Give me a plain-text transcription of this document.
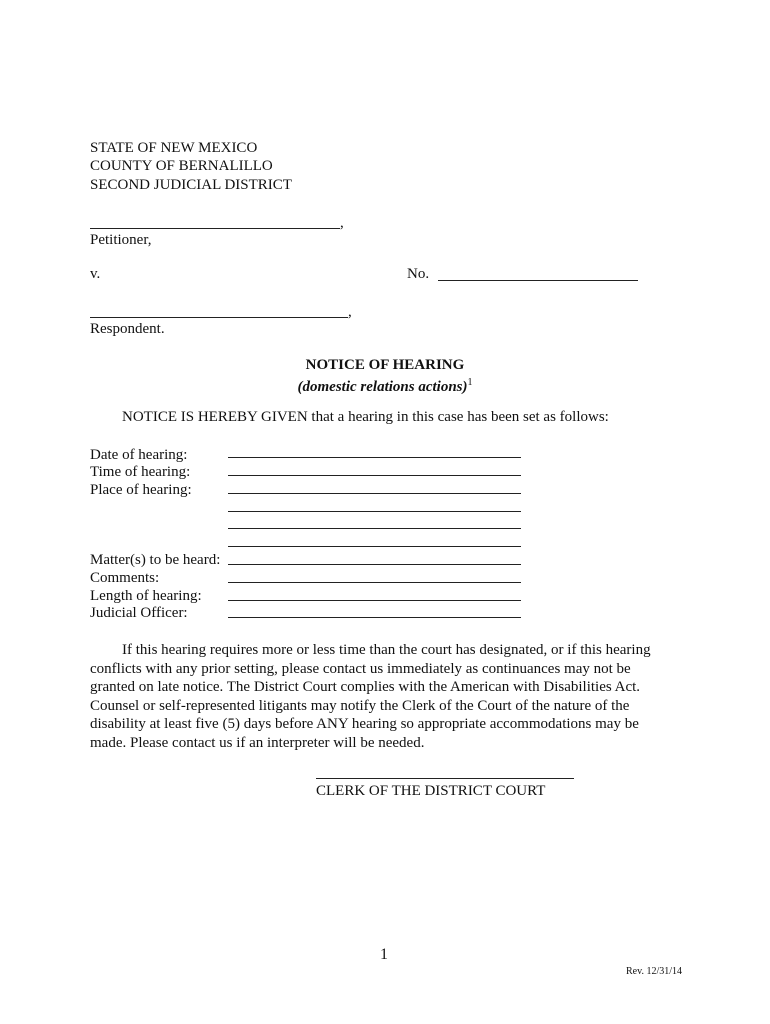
STATE OF NEW MEXICO
COUNTY OF BERNALILLO
SECOND JUDICIAL DISTRICT
,
Petitioner,
v.	No.
,
Respondent.
NOTICE OF HEARING
(domestic relations actions)$^1$
NOTICE IS HEREBY GIVEN that a hearing in this case has been set as follows:
Date of hearing:
Time of hearing:
Place of hearing:
Matter(s) to be heard:
Comments:
Length of hearing:
Judicial Officer:

If this hearing requires more or less time than the court has designated, or if this hearing conflicts with any prior setting, please contact us immediately as continuances may not be granted on late notice. The District Court complies with the American with Disabilities Act. Counsel or self-represented litigants may notify the Clerk of the Court of the nature of the disability at least five (5) days before ANY hearing so appropriate accommodations may be made. Please contact us if an interpreter will be needed.

CLERK OF THE DISTRICT COURT
1
Rev. 12/31/14
